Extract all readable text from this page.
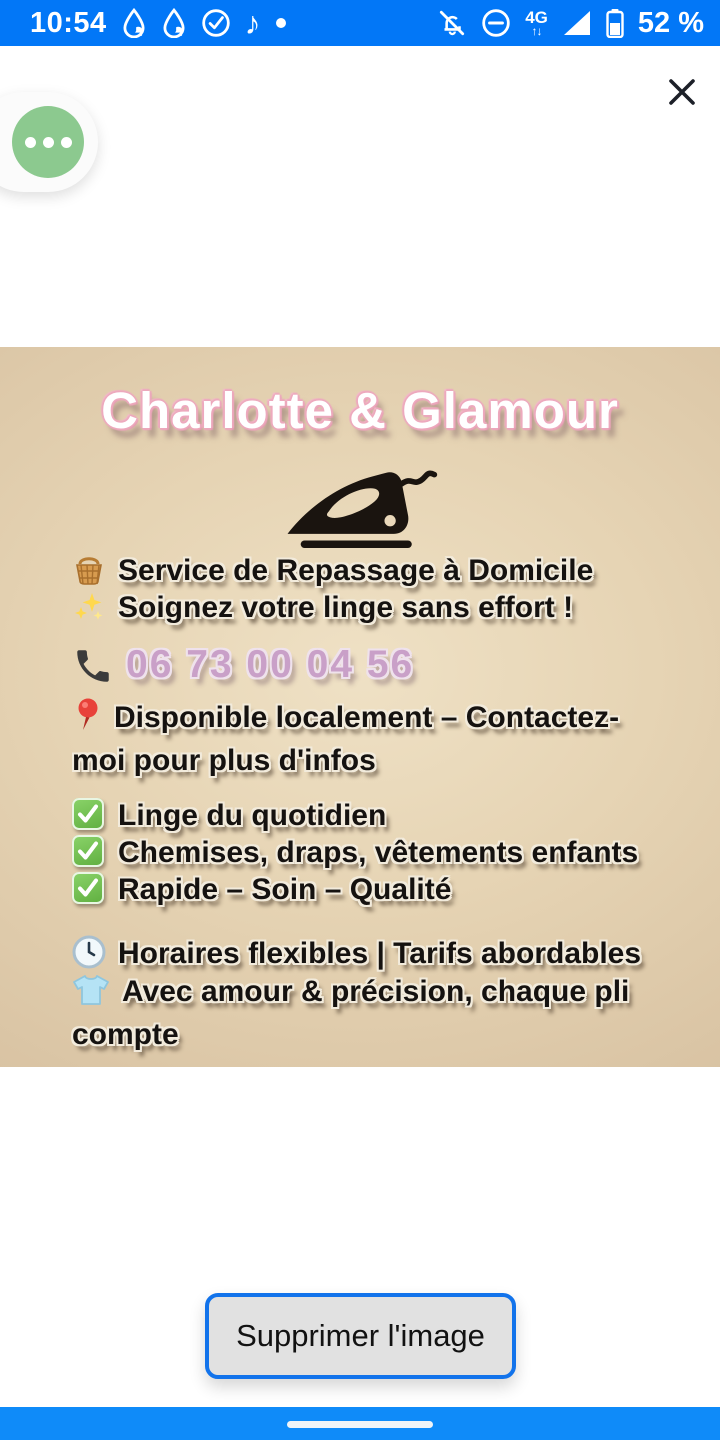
10:54	♪	4G
↑↓	52 %
Charlotte & Glamour
Service de Repassage à Domicile
Soignez votre linge sans effort !
06 73 00 04 56
Disponible localement – Contactez-moi pour plus d'infos
Linge du quotidien
Chemises, draps, vêtements enfants
Rapide – Soin – Qualité
Horaires flexibles | Tarifs abordables
Avec amour & précision, chaque pli compte
Supprimer l'image
